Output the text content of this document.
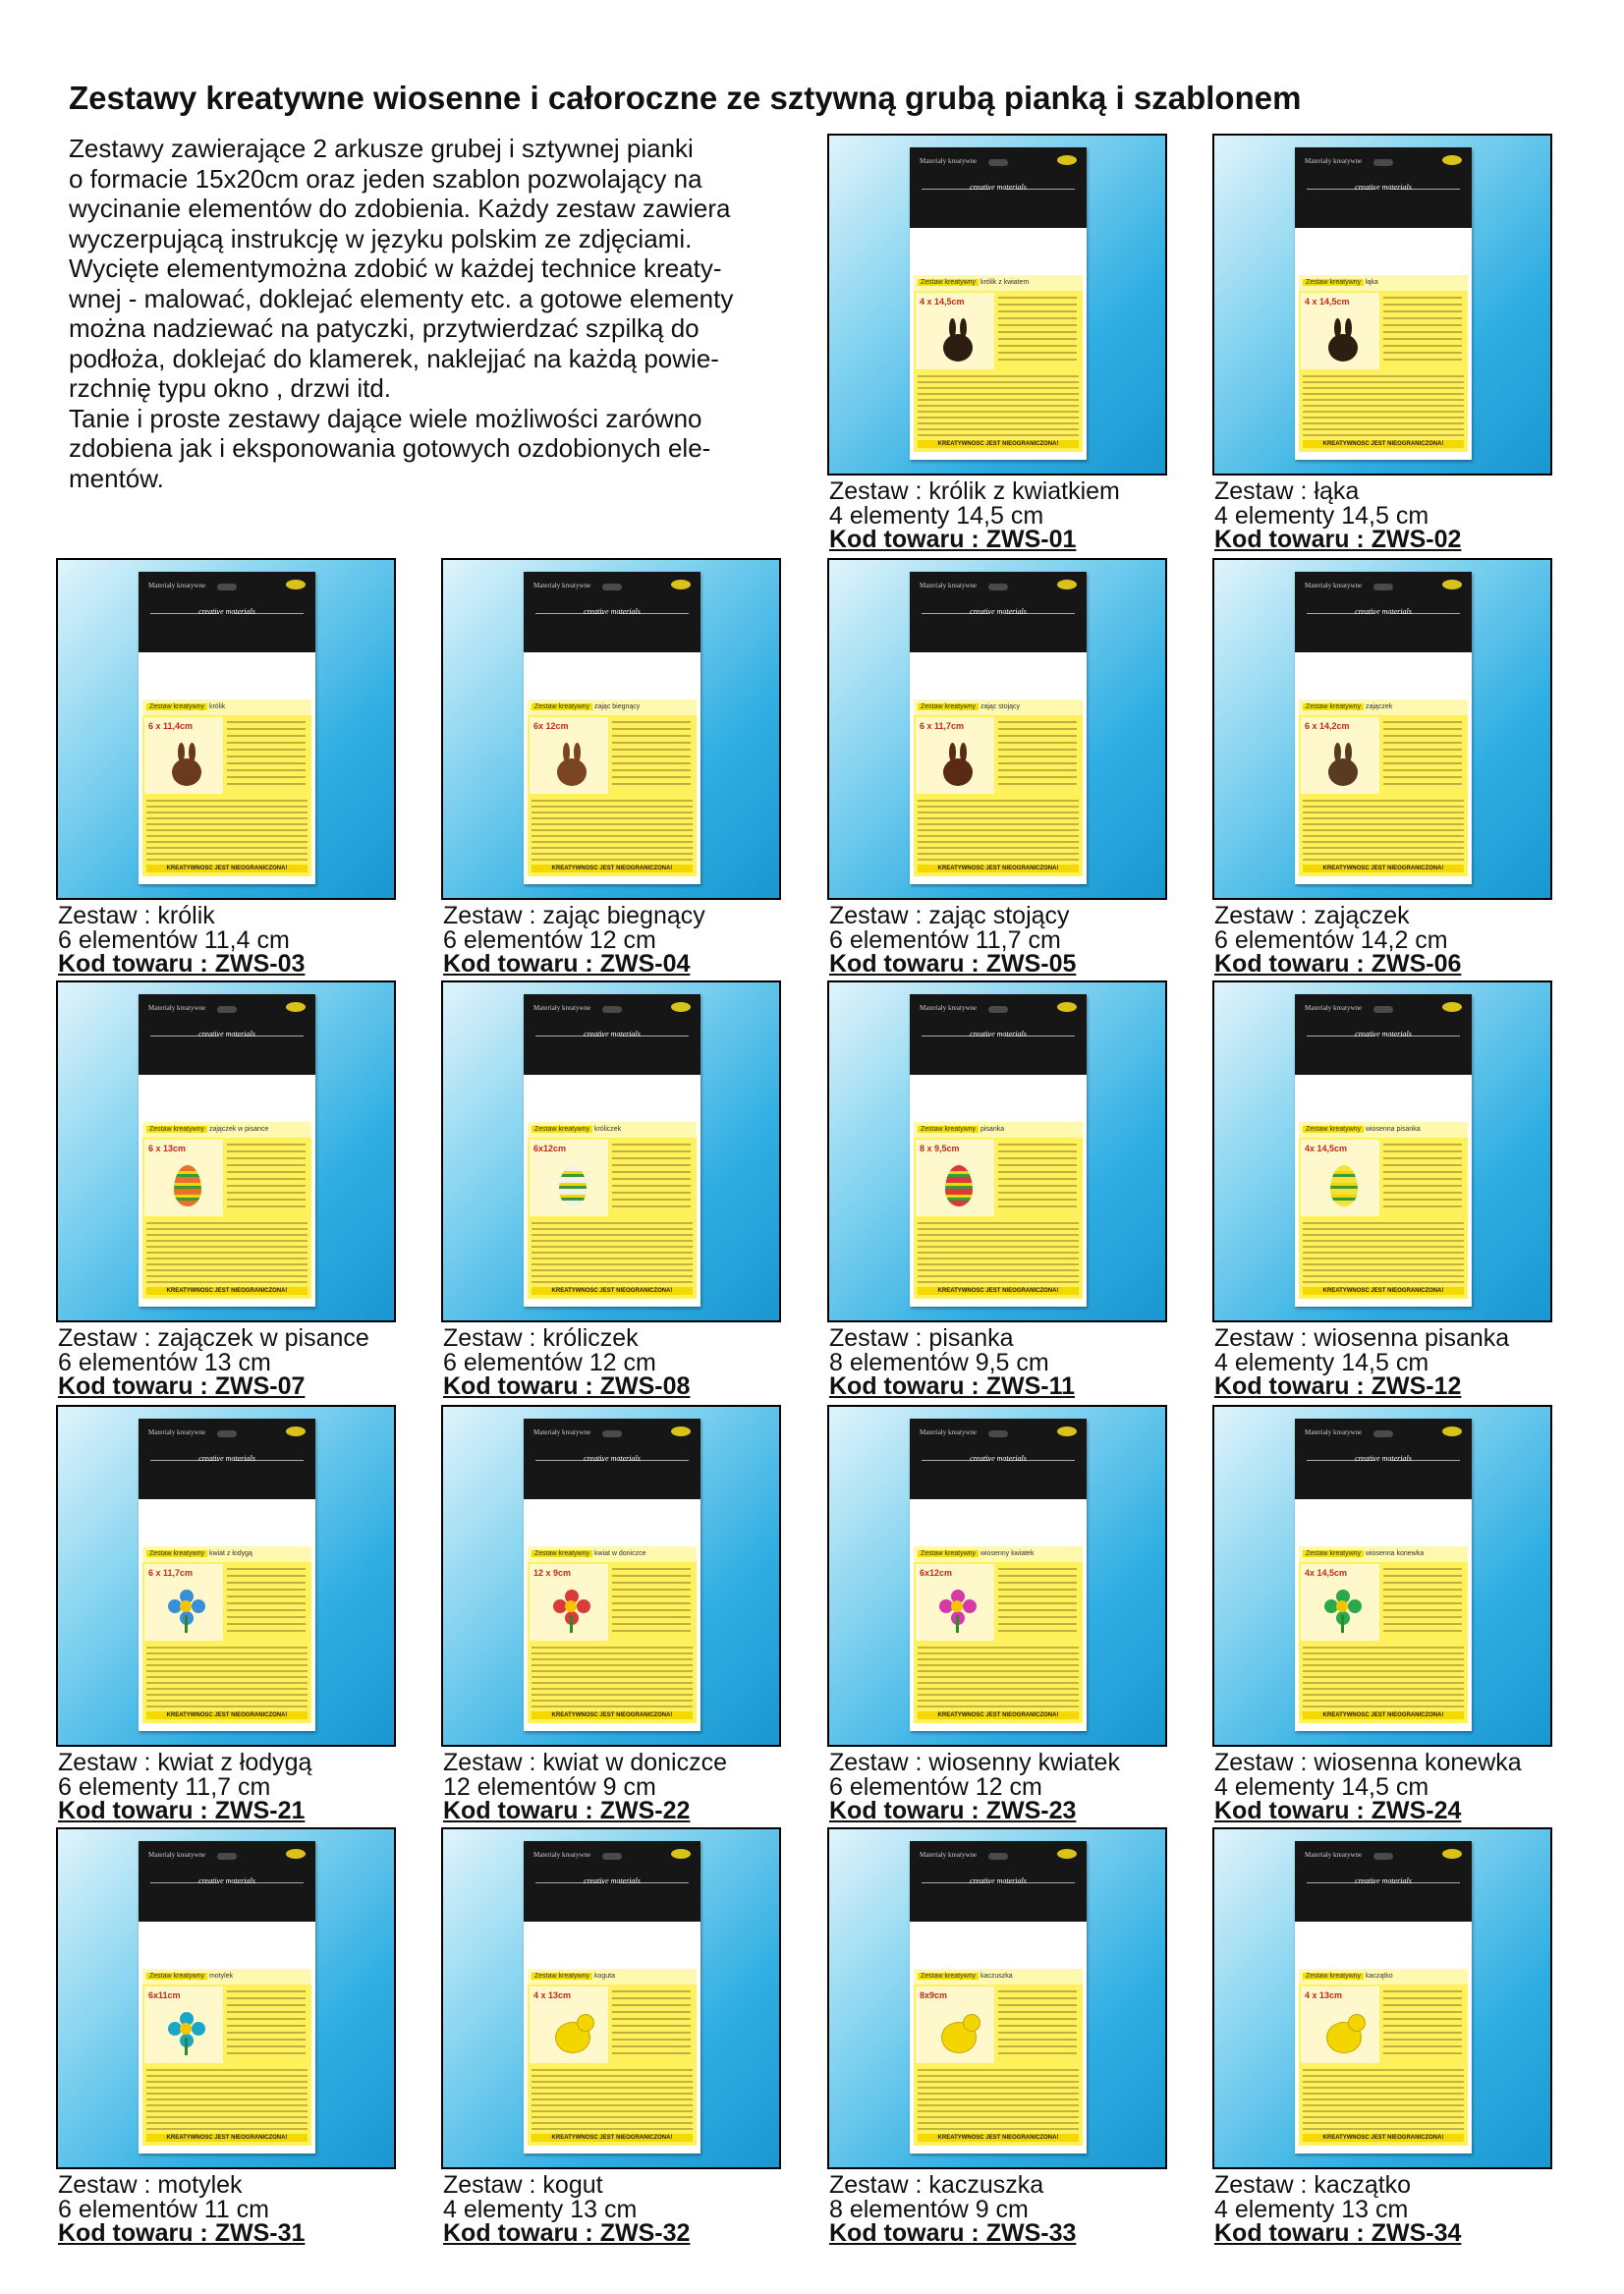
Zestawy kreatywne wiosenne i całoroczne ze sztywną grubą pianką i szablonem
Zestawy zawierające 2 arkusze grubej i sztywnej pianki
o formacie 15x20cm oraz jeden szablon pozwolający na
wycinanie elementów do zdobienia. Każdy zestaw zawiera
wyczerpującą instrukcję w języku polskim ze zdjęciami.
Wycięte elementymożna zdobić w każdej technice kreaty-
wnej - malować, doklejać elementy etc. a gotowe elementy
można nadziewać na patyczki, przytwierdzać szpilką do
podłoża, doklejać do klamerek, naklejjać na każdą powie-
rzchnię typu okno , drzwi itd.
Tanie i proste zestawy dające wiele możliwości zarówno
zdobiena jak i eksponowania gotowych ozdobionych ele-
mentów.
Materiały kreatywne
creative materials
Zestaw kreatywny królik z kwiatem
4 x 14,5cm
KREATYWNOŚĆ JEST NIEOGRANICZONA!
Zestaw : królik z kwiatkiem
4 elementy 14,5 cm
Kod towaru : ZWS-01
Materiały kreatywne
creative materials
Zestaw kreatywny łąka
4 x 14,5cm
KREATYWNOŚĆ JEST NIEOGRANICZONA!
Zestaw : łąka
4 elementy 14,5 cm
Kod towaru : ZWS-02
Materiały kreatywne
creative materials
Zestaw kreatywny królik
6 x 11,4cm
KREATYWNOŚĆ JEST NIEOGRANICZONA!
Zestaw : królik
6 elementów 11,4 cm
Kod towaru : ZWS-03
Materiały kreatywne
creative materials
Zestaw kreatywny zając biegnący
6x 12cm
KREATYWNOŚĆ JEST NIEOGRANICZONA!
Zestaw : zając biegnący
6 elementów 12 cm
Kod towaru : ZWS-04
Materiały kreatywne
creative materials
Zestaw kreatywny zając stojący
6 x 11,7cm
KREATYWNOŚĆ JEST NIEOGRANICZONA!
Zestaw : zając stojący
6 elementów 11,7 cm
Kod towaru : ZWS-05
Materiały kreatywne
creative materials
Zestaw kreatywny zajączek
6 x 14,2cm
KREATYWNOŚĆ JEST NIEOGRANICZONA!
Zestaw : zajączek
6 elementów 14,2 cm
Kod towaru : ZWS-06
Materiały kreatywne
creative materials
Zestaw kreatywny zajączek w pisance
6 x 13cm
KREATYWNOŚĆ JEST NIEOGRANICZONA!
Zestaw : zajączek w pisance
6 elementów 13 cm
Kod towaru : ZWS-07
Materiały kreatywne
creative materials
Zestaw kreatywny króliczek
6x12cm
KREATYWNOŚĆ JEST NIEOGRANICZONA!
Zestaw : króliczek
6 elementów 12 cm
Kod towaru : ZWS-08
Materiały kreatywne
creative materials
Zestaw kreatywny pisanka
8 x 9,5cm
KREATYWNOŚĆ JEST NIEOGRANICZONA!
Zestaw : pisanka
8 elementów 9,5 cm
Kod towaru : ZWS-11
Materiały kreatywne
creative materials
Zestaw kreatywny wiosenna pisanka
4x 14,5cm
KREATYWNOŚĆ JEST NIEOGRANICZONA!
Zestaw : wiosenna pisanka
4 elementy 14,5 cm
Kod towaru : ZWS-12
Materiały kreatywne
creative materials
Zestaw kreatywny kwiat z łodygą
6 x 11,7cm
KREATYWNOŚĆ JEST NIEOGRANICZONA!
Zestaw : kwiat z łodygą
6 elementy 11,7 cm
Kod towaru : ZWS-21
Materiały kreatywne
creative materials
Zestaw kreatywny kwiat w doniczce
12 x 9cm
KREATYWNOŚĆ JEST NIEOGRANICZONA!
Zestaw : kwiat w doniczce
12 elementów 9 cm
Kod towaru : ZWS-22
Materiały kreatywne
creative materials
Zestaw kreatywny wiosenny kwiatek
6x12cm
KREATYWNOŚĆ JEST NIEOGRANICZONA!
Zestaw : wiosenny kwiatek
6 elementów 12 cm
Kod towaru : ZWS-23
Materiały kreatywne
creative materials
Zestaw kreatywny wiosenna konewka
4x 14,5cm
KREATYWNOŚĆ JEST NIEOGRANICZONA!
Zestaw : wiosenna konewka
4 elementy 14,5 cm
Kod towaru : ZWS-24
Materiały kreatywne
creative materials
Zestaw kreatywny motylek
6x11cm
KREATYWNOŚĆ JEST NIEOGRANICZONA!
Zestaw : motylek
6 elementów 11 cm
Kod towaru : ZWS-31
Materiały kreatywne
creative materials
Zestaw kreatywny koguta
4 x 13cm
KREATYWNOŚĆ JEST NIEOGRANICZONA!
Zestaw : kogut
4 elementy 13 cm
Kod towaru : ZWS-32
Materiały kreatywne
creative materials
Zestaw kreatywny kaczuszka
8x9cm
KREATYWNOŚĆ JEST NIEOGRANICZONA!
Zestaw : kaczuszka
8 elementów 9 cm
Kod towaru : ZWS-33
Materiały kreatywne
creative materials
Zestaw kreatywny kaczątko
4 x 13cm
KREATYWNOŚĆ JEST NIEOGRANICZONA!
Zestaw : kaczątko
4 elementy 13 cm
Kod towaru : ZWS-34
